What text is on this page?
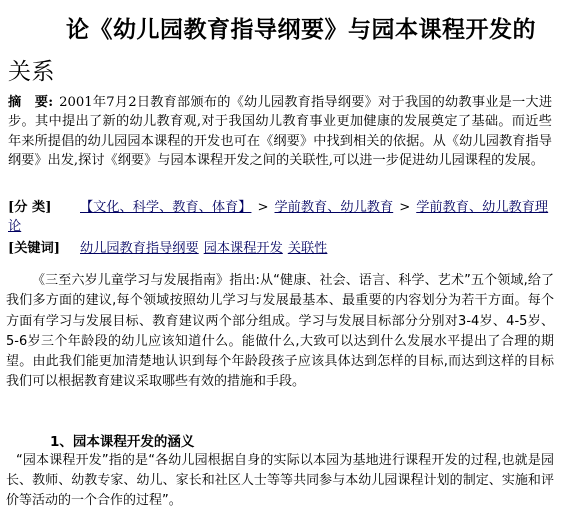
论《幼儿园教育指导纲要》与园本课程开发的
关系
摘　要: 2001年7月2日教育部颁布的《幼儿园教育指导纲要》对于我国的幼教事业是一大进步。其中提出了新的幼儿教育观,对于我国幼儿教育事业更加健康的发展奠定了基础。而近些年来所提倡的幼儿园园本课程的开发也可在《纲要》中找到相关的依据。从《幼儿园教育指导纲要》出发,探讨《纲要》与园本课程开发之间的关联性,可以进一步促进幼儿园课程的发展。
[分 类] 【文化、科学、教育、体育】 > 学前教育、幼儿教育 > 学前教育、幼儿教育理论
[关键词] 幼儿园教育指导纲要 园本课程开发 关联性

《三至六岁儿童学习与发展指南》指出:从“健康、社会、语言、科学、艺术”五个领域,给了我们多方面的建议,每个领域按照幼儿学习与发展最基本、最重要的内容划分为若干方面。每个方面有学习与发展目标、教育建议两个部分组成。学习与发展目标部分分别对3-4岁、4-5岁、5-6岁三个年龄段的幼儿应该知道什么。能做什么,大致可以达到什么发展水平提出了合理的期望。由此我们能更加清楚地认识到每个年龄段孩子应该具体达到怎样的目标,而达到这样的目标我们可以根据教育建议采取哪些有效的措施和手段。

1、园本课程开发的涵义

“园本课程开发”指的是“各幼儿园根据自身的实际以本园为基地进行课程开发的过程,也就是园长、教师、幼教专家、幼儿、家长和社区人士等等共同参与本幼儿园课程计划的制定、实施和评价等活动的一个合作的过程”。
